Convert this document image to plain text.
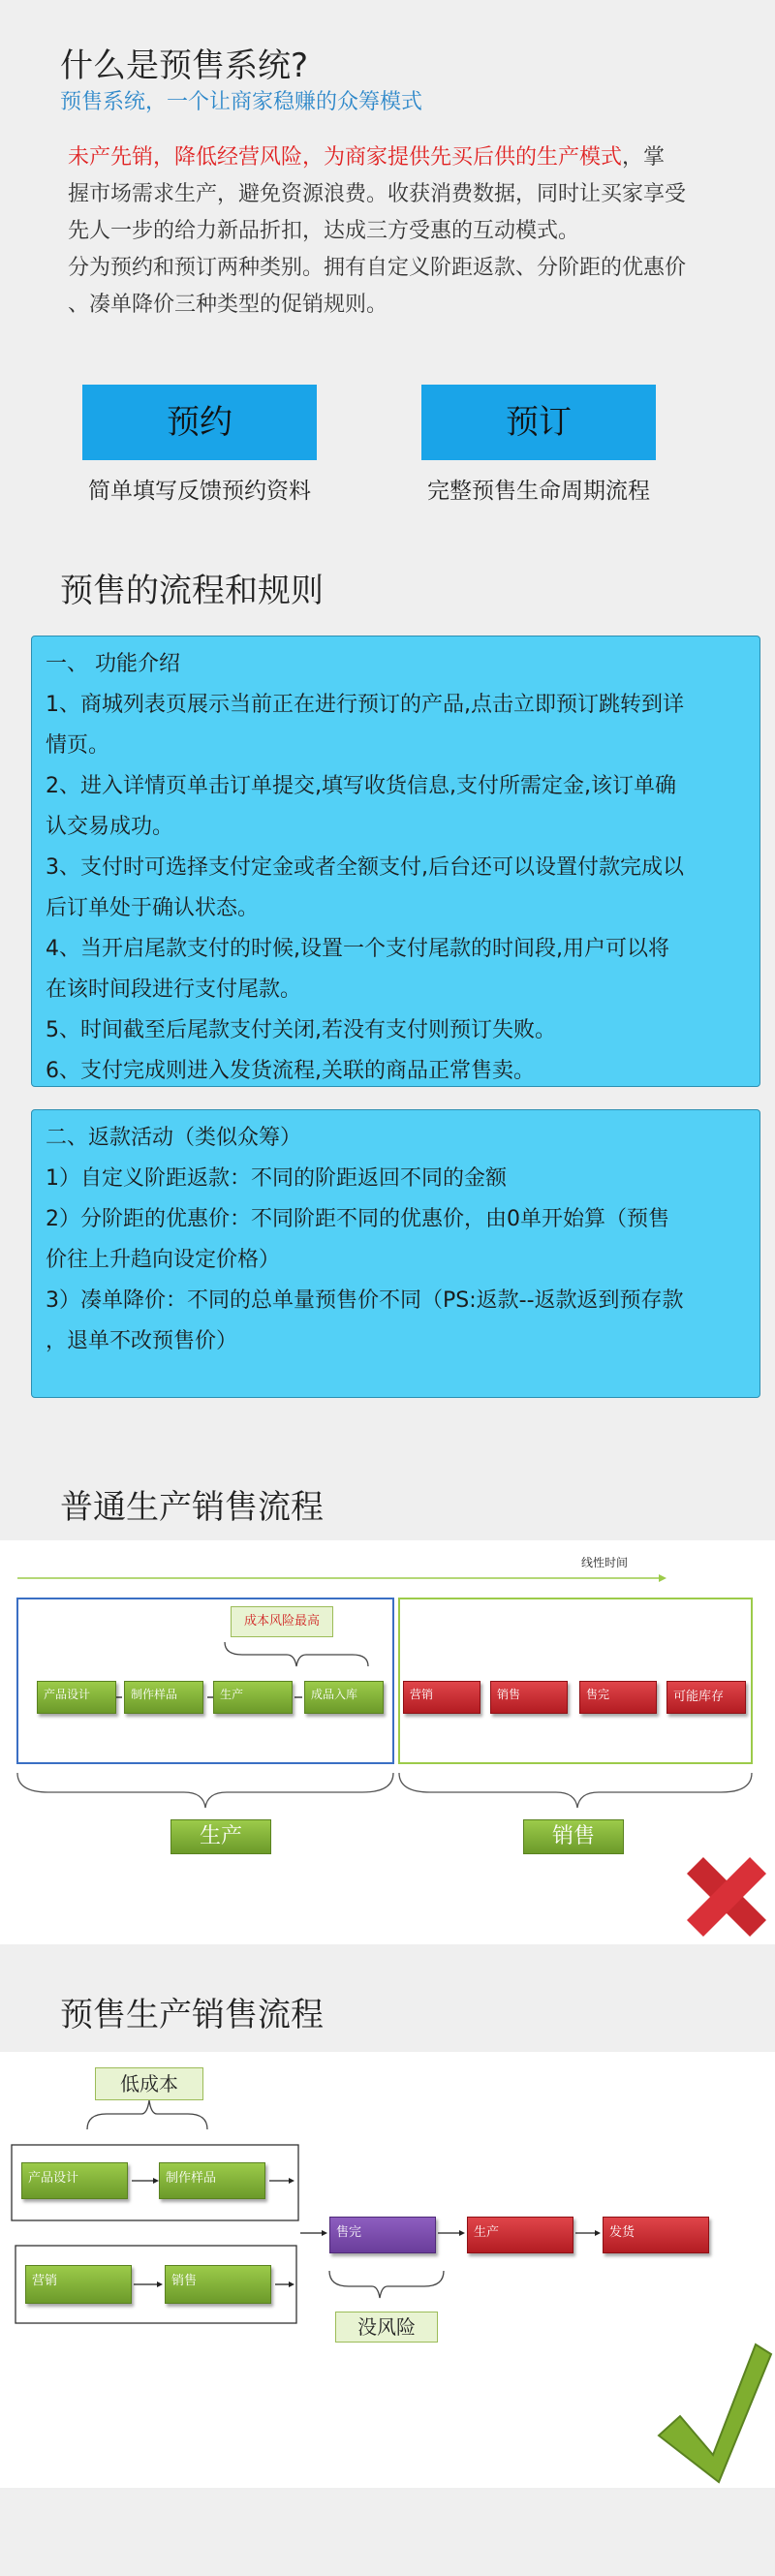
什么是预售系统?
预售系统，一个让商家稳赚的众筹模式
未产先销，降低经营风险，为商家提供先买后供的生产模式，掌
握市场需求生产，避免资源浪费。收获消费数据，同时让买家享受
先人一步的给力新品折扣，达成三方受惠的互动模式。
分为预约和预订两种类别。拥有自定义阶距返款、分阶距的优惠价
、凑单降价三种类型的促销规则。
预约
简单填写反馈预约资料
预订
完整预售生命周期流程
预售的流程和规则
一、 功能介绍
1、商城列表页展示当前正在进行预订的产品,点击立即预订跳转到详
情页。
2、进入详情页单击订单提交,填写收货信息,支付所需定金,该订单确
认交易成功。
3、支付时可选择支付定金或者全额支付,后台还可以设置付款完成以
后订单处于确认状态。
4、当开启尾款支付的时候,设置一个支付尾款的时间段,用户可以将
在该时间段进行支付尾款。
5、时间截至后尾款支付关闭,若没有支付则预订失败。
6、支付完成则进入发货流程,关联的商品正常售卖。
二、返款活动（类似众筹）
1）自定义阶距返款：不同的阶距返回不同的金额
2）分阶距的优惠价：不同阶距不同的优惠价，由0单开始算（预售
价往上升趋向设定价格）
3）凑单降价：不同的总单量预售价不同（PS:返款--返款返到预存款
，退单不改预售价）
普通生产销售流程
线性时间
成本风险最高
产品设计	制作样品	生产	成品入库	营销	销售	售完	可能库存
生产	销售
预售生产销售流程
低成本
产品设计	制作样品
营销	销售
售完	生产	发货
没风险
